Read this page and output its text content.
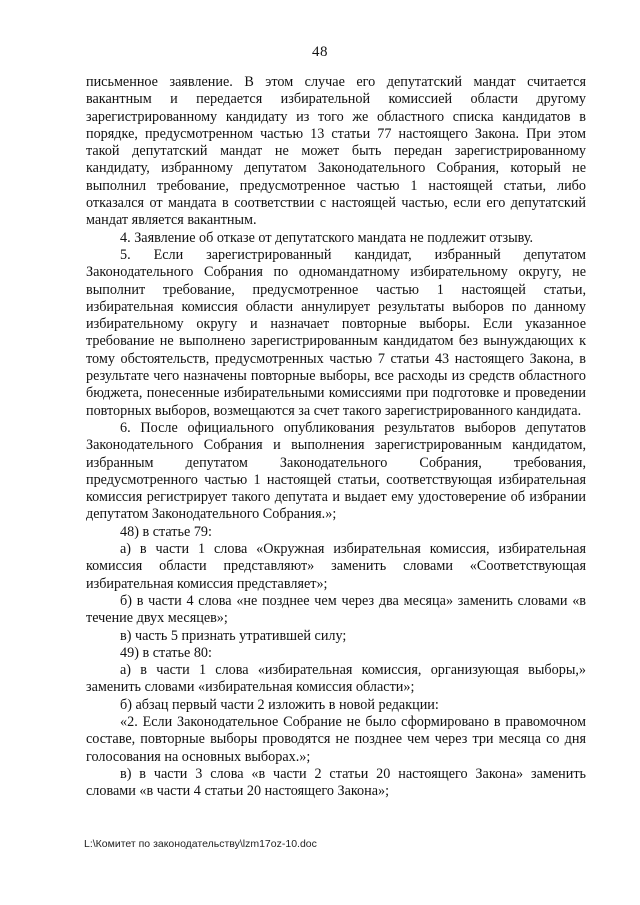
48

письменное заявление. В этом случае его депутатский мандат считается вакантным и передается избирательной комиссией области другому зарегистрированному кандидату из того же областного списка кандидатов в порядке, предусмотренном частью 13 статьи 77 настоящего Закона. При этом такой депутатский мандат не может быть передан зарегистрированному кандидату, избранному депутатом Законодательного Собрания, который не выполнил требование, предусмотренное частью 1 настоящей статьи, либо отказался от мандата в соответствии с настоящей частью, если его депутатский мандат является вакантным.

4. Заявление об отказе от депутатского мандата не подлежит отзыву.

5. Если зарегистрированный кандидат, избранный депутатом Законодательного Собрания по одномандатному избирательному округу, не выполнит требование, предусмотренное частью 1 настоящей статьи, избирательная комиссия области аннулирует результаты выборов по данному избирательному округу и назначает повторные выборы. Если указанное требование не выполнено зарегистрированным кандидатом без вынуждающих к тому обстоятельств, предусмотренных частью 7 статьи 43 настоящего Закона, в результате чего назначены повторные выборы, все расходы из средств областного бюджета, понесенные избирательными комиссиями при подготовке и проведении повторных выборов, возмещаются за счет такого зарегистрированного кандидата.

6. После официального опубликования результатов выборов депутатов Законодательного Собрания и выполнения зарегистрированным кандидатом, избранным депутатом Законодательного Собрания, требования, предусмотренного частью 1 настоящей статьи, соответствующая избирательная комиссия регистрирует такого депутата и выдает ему удостоверение об избрании депутатом Законодательного Собрания.»;

48) в статье 79:

а) в части 1 слова «Окружная избирательная комиссия, избирательная комиссия области представляют» заменить словами «Соответствующая избирательная комиссия представляет»;

б) в части 4 слова «не позднее чем через два месяца» заменить словами «в течение двух месяцев»;

в) часть 5 признать утратившей силу;

49) в статье 80:

а) в части 1 слова «избирательная комиссия, организующая выборы,» заменить словами «избирательная комиссия области»;

б) абзац первый части 2 изложить в новой редакции:

«2. Если Законодательное Собрание не было сформировано в правомочном составе, повторные выборы проводятся не позднее чем через три месяца со дня голосования на основных выборах.»;

в) в части 3 слова «в части 2 статьи 20 настоящего Закона» заменить словами «в части 4 статьи 20 настоящего Закона»;

L:\Комитет по законодательству\lzm17oz-10.doc
